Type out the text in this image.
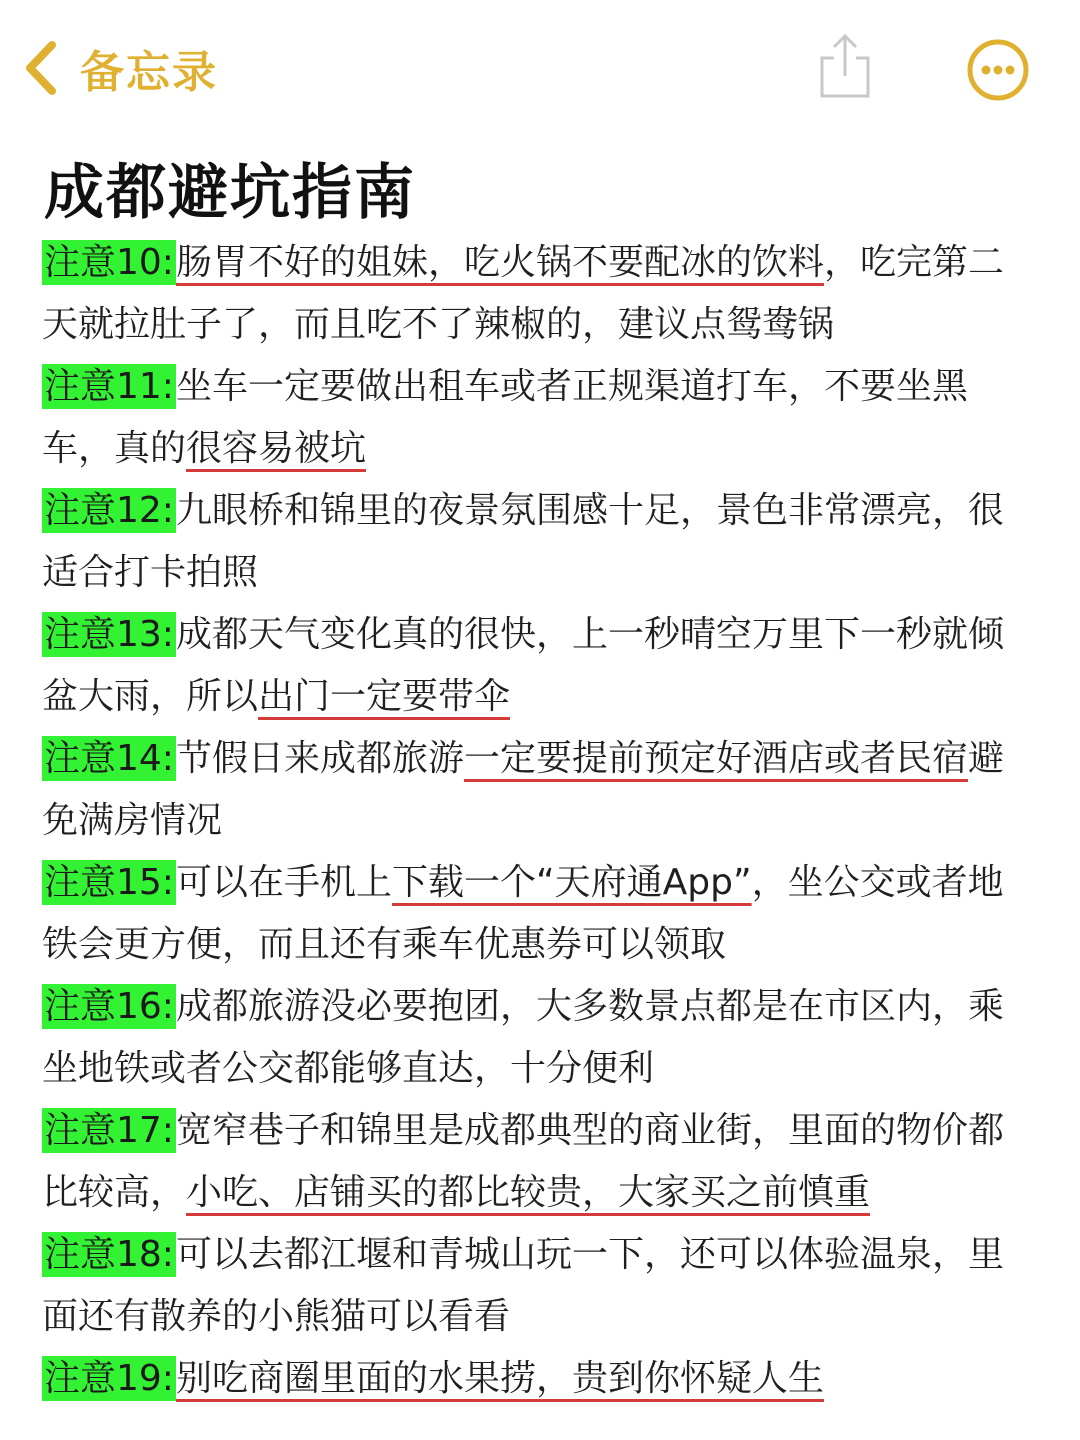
备忘录
成都避坑指南

注意10:肠胃不好的姐妹，吃火锅不要配冰的饮料，吃完第二天就拉肚子了，而且吃不了辣椒的，建议点鸳鸯锅

注意11:坐车一定要做出租车或者正规渠道打车，不要坐黑车，真的很容易被坑

注意12:九眼桥和锦里的夜景氛围感十足，景色非常漂亮，很适合打卡拍照

注意13:成都天气变化真的很快，上一秒晴空万里下一秒就倾盆大雨，所以出门一定要带伞

注意14:节假日来成都旅游一定要提前预定好酒店或者民宿避免满房情况

注意15:可以在手机上下载一个“天府通App”，坐公交或者地铁会更方便，而且还有乘车优惠券可以领取

注意16:成都旅游没必要抱团，大多数景点都是在市区内，乘坐地铁或者公交都能够直达，十分便利

注意17:宽窄巷子和锦里是成都典型的商业街，里面的物价都比较高，小吃、店铺买的都比较贵，大家买之前慎重

注意18:可以去都江堰和青城山玩一下，还可以体验温泉，里面还有散养的小熊猫可以看看

注意19:别吃商圈里面的水果捞，贵到你怀疑人生
